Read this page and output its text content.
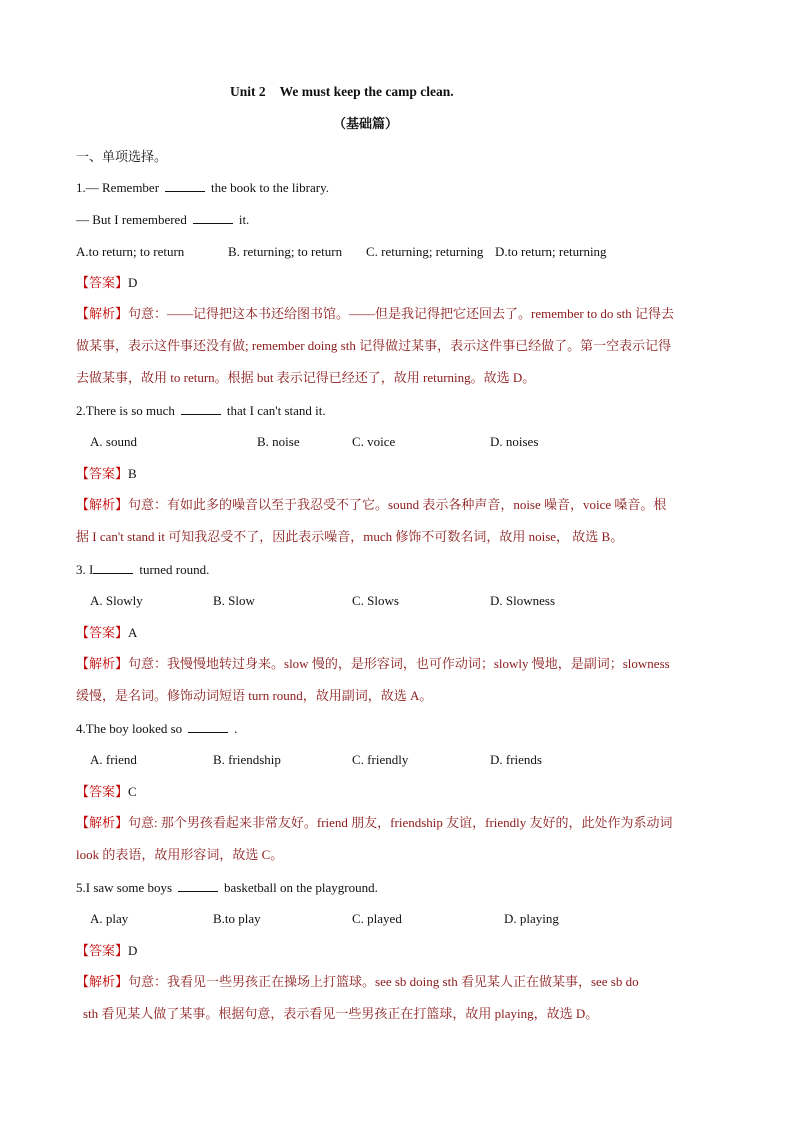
Unit 2 We must keep the camp clean.
（基础篇）
一、单项选择。
1.— Remember	the book to the library.
— But I remembered	it.
A.to return; to return	B. returning; to return C. returning; returning D.to return; returning
【答案】D
【解析】句意：——记得把这本书还给图书馆。——但是我记得把它还回去了。remember to do sth 记得去
做某事，表示这件事还没有做; remember doing sth 记得做过某事，表示这件事已经做了。第一空表示记得
去做某事，故用 to return。根据 but 表示记得已经还了，故用 returning。故选 D。
2.There is so much	that I can't stand it.
A. sound	B. noise	C. voice	D. noises
【答案】B
【解析】句意：有如此多的噪音以至于我忍受不了它。sound 表示各种声音，noise 噪音，voice 嗓音。根
据 I can't stand it 可知我忍受不了，因此表示噪音，much 修饰不可数名词，故用 noise， 故选 B。
3. I	turned round.
A. Slowly	B. Slow	C. Slows	D. Slowness
【答案】A
【解析】句意：我慢慢地转过身来。slow 慢的，是形容词，也可作动词；slowly 慢地，是副词；slowness
缓慢，是名词。修饰动词短语 turn round，故用副词，故选 A。
4.The boy looked so	.
A. friend	B. friendship	C. friendly	D. friends
【答案】C
【解析】句意: 那个男孩看起来非常友好。friend 朋友，friendship 友谊，friendly 友好的，此处作为系动词
look 的表语，故用形容词，故选 C。
5.I saw some boys	basketball on the playground.
A. play	B.to play	C. played	D. playing
【答案】D
【解析】句意：我看见一些男孩正在操场上打篮球。see sb doing sth 看见某人正在做某事，see sb do
sth 看见某人做了某事。根据句意，表示看见一些男孩正在打篮球，故用 playing，故选 D。
